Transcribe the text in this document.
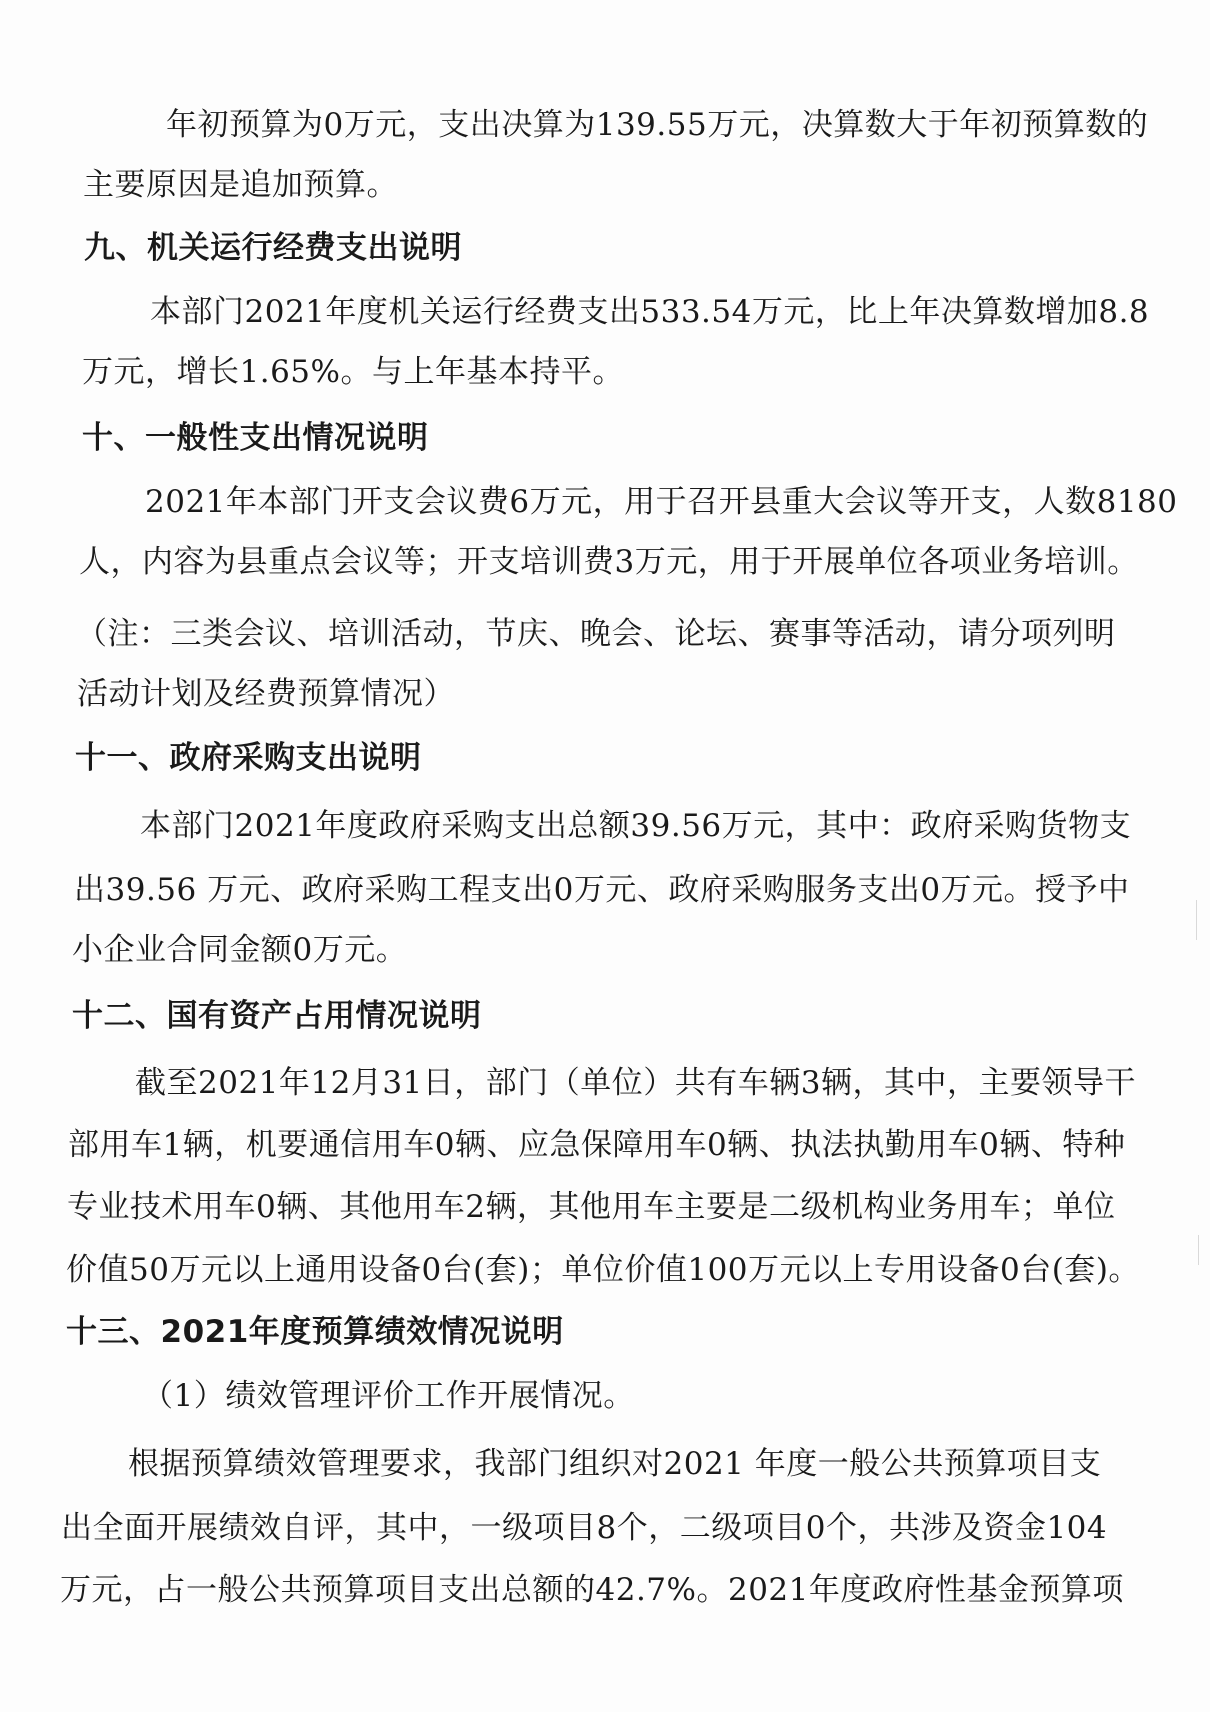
年初预算为0万元，支出决算为139.55万元，决算数大于年初预算数的
主要原因是追加预算。
九、机关运行经费支出说明
本部门2021年度机关运行经费支出533.54万元，比上年决算数增加8.8
万元，增长1.65%。与上年基本持平。
十、一般性支出情况说明
2021年本部门开支会议费6万元，用于召开县重大会议等开支，人数8180
人，内容为县重点会议等；开支培训费3万元，用于开展单位各项业务培训。
（注：三类会议、培训活动，节庆、晚会、论坛、赛事等活动，请分项列明
活动计划及经费预算情况）
十一、政府采购支出说明
本部门2021年度政府采购支出总额39.56万元，其中：政府采购货物支
出39.56 万元、政府采购工程支出0万元、政府采购服务支出0万元。授予中
小企业合同金额0万元。
十二、国有资产占用情况说明
截至2021年12月31日，部门（单位）共有车辆3辆，其中，主要领导干
部用车1辆，机要通信用车0辆、应急保障用车0辆、执法执勤用车0辆、特种
专业技术用车0辆、其他用车2辆，其他用车主要是二级机构业务用车；单位
价值50万元以上通用设备0台(套)；单位价值100万元以上专用设备0台(套)。
十三、2021年度预算绩效情况说明
（1）绩效管理评价工作开展情况。
根据预算绩效管理要求，我部门组织对2021 年度一般公共预算项目支
出全面开展绩效自评，其中，一级项目8个，二级项目0个，共涉及资金104
万元，占一般公共预算项目支出总额的42.7%。2021年度政府性基金预算项
